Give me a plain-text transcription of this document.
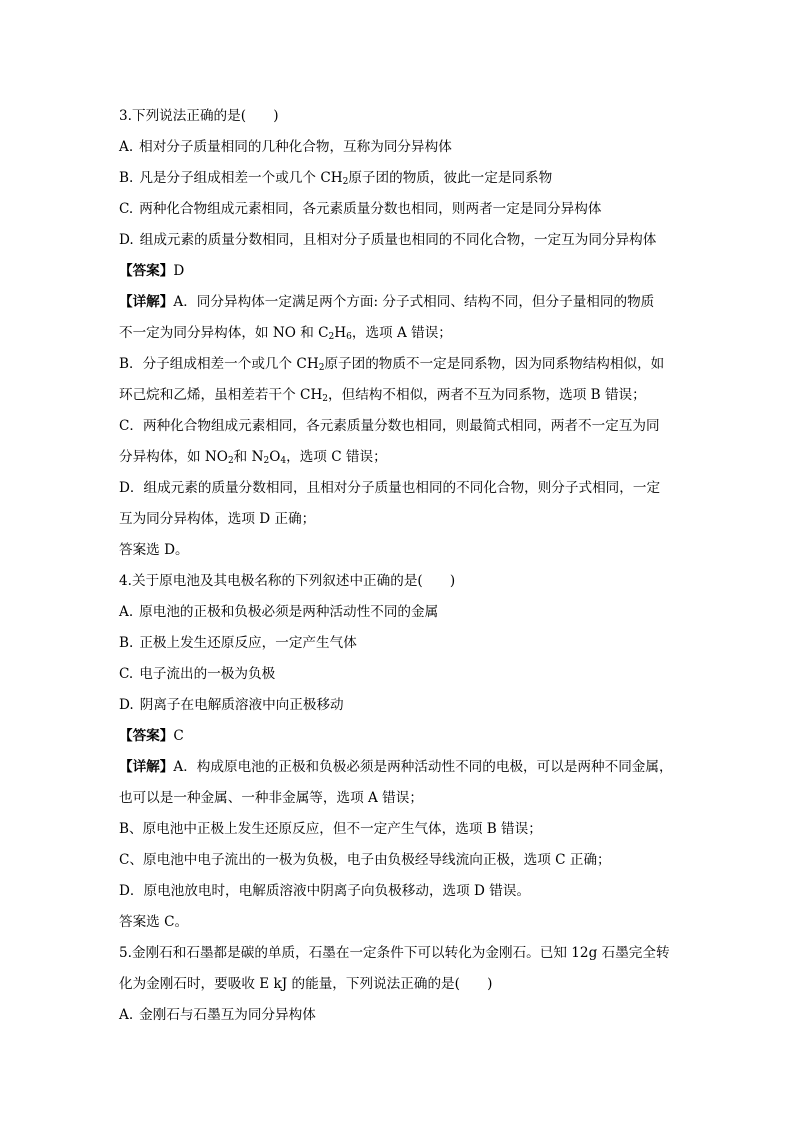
3.下列说法正确的是(　　)
A. 相对分子质量相同的几种化合物，互称为同分异构体
B. 凡是分子组成相差一个或几个 $CH_2$原子团的物质，彼此一定是同系物
C. 两种化合物组成元素相同，各元素质量分数也相同，则两者一定是同分异构体
D. 组成元素的质量分数相同，且相对分子质量也相同的不同化合物，一定互为同分异构体
【答案】D
【详解】A．同分异构体一定满足两个方面: 分子式相同、结构不同，但分子量相同的物质
不一定为同分异构体，如 NO 和 $C_2H_6$，选项 A 错误；
B．分子组成相差一个或几个 $CH_2$原子团的物质不一定是同系物，因为同系物结构相似，如
环己烷和乙烯，虽相差若干个 $CH_2$，但结构不相似，两者不互为同系物，选项 B 错误；
C．两种化合物组成元素相同，各元素质量分数也相同，则最简式相同，两者不一定互为同
分异构体，如 $NO_2$和 $N_2O_4$，选项 C 错误；
D．组成元素的质量分数相同，且相对分子质量也相同的不同化合物，则分子式相同，一定
互为同分异构体，选项 D 正确；
答案选 D。
4.关于原电池及其电极名称的下列叙述中正确的是(　　)
A. 原电池的正极和负极必须是两种活动性不同的金属
B. 正极上发生还原反应，一定产生气体
C. 电子流出的一极为负极
D. 阴离子在电解质溶液中向正极移动
【答案】C
【详解】A．构成原电池的正极和负极必须是两种活动性不同的电极，可以是两种不同金属，
也可以是一种金属、一种非金属等，选项 A 错误；
B、原电池中正极上发生还原反应，但不一定产生气体，选项 B 错误；
C、原电池中电子流出的一极为负极，电子由负极经导线流向正极，选项 C 正确；
D．原电池放电时，电解质溶液中阴离子向负极移动，选项 D 错误。
答案选 C。
5.金刚石和石墨都是碳的单质，石墨在一定条件下可以转化为金刚石。已知 12g 石墨完全转
化为金刚石时，要吸收 E kJ 的能量，下列说法正确的是(　　)
A. 金刚石与石墨互为同分异构体
